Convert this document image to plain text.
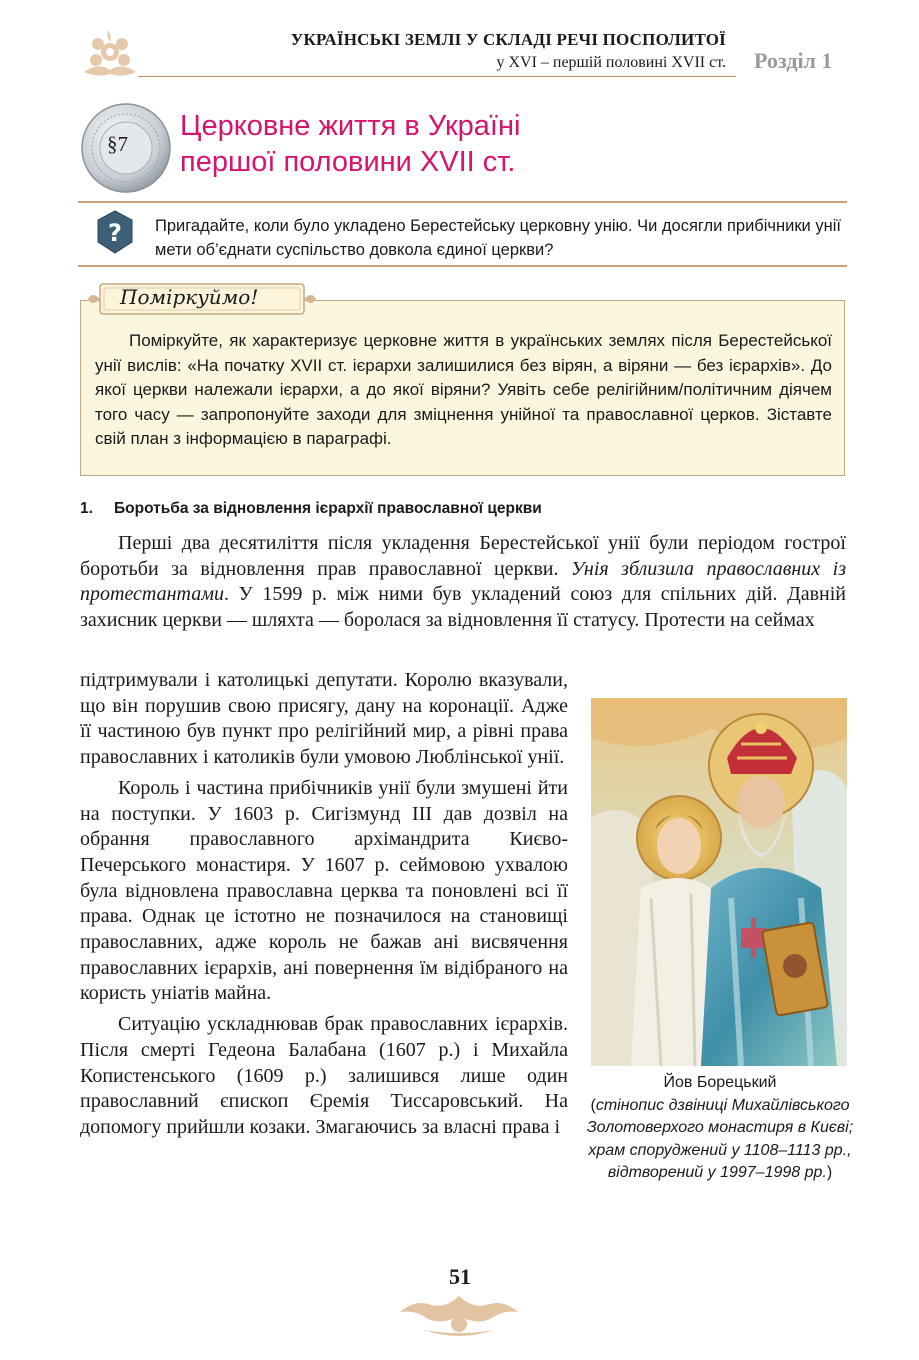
УКРАЇНСЬКІ ЗЕМЛІ У СКЛАДІ РЕЧІ ПОСПОЛИТОЇ
у XVI – першій половині XVII ст. Розділ 1
§7
Церковне життя в Україні
першої половини XVII ст.
? Пригадайте, коли було укладено Берестейську церковну унію. Чи досягли прибічники унії мети об’єднати суспільство довкола єдиної церкви?
Поміркуймо!
Поміркуйте, як характеризує церковне життя в українських землях після Берестейської унії вислів: «На початку XVII ст. ієрархи залишилися без вірян, а віряни — без ієрархів». До якої церкви належали ієрархи, а до якої віряни? Уявіть себе релігійним/політичним діячем того часу — запропонуйте заходи для зміцнення унійної та православної церков. Зіставте свій план з інформацією в параграфі.
1. Боротьба за відновлення ієрархії православної церкви

Перші два десятиліття після укладення Берестейської унії були періодом гострої боротьби за відновлення прав православної церкви. Унія зблизила православних із протестантами. У 1599 р. між ними був укладений союз для спільних дій. Давній захисник церкви — шляхта — боролася за відновлення її статусу. Протести на сеймах

підтримували і католицькі депутати. Королю вказували, що він порушив свою присягу, дану на коронації. Адже її частиною був пункт про релігійний мир, а рівні права православних і католиків були умовою Люблінської унії.

Король і частина прибічників унії були змушені йти на поступки. У 1603 р. Сигізмунд III дав дозвіл на обрання православного архімандрита Києво-Печерського монастиря. У 1607 р. сеймовою ухвалою була відновлена православна церква та поновлені всі її права. Однак це істотно не позначилося на становищі православних, адже король не бажав ані висвячення православних ієрархів, ані повернення їм відібраного на користь уніатів майна.

Ситуацію ускладнював брак православних ієрархів. Після смерті Гедеона Балабана (1607 р.) і Михайла Копистенського (1609 р.) залишився лише один православний єпископ Єремія Тиссаровський. На допомогу прийшли козаки. Змагаючись за власні права і

Йов Борецький
(стінопис дзвіниці Михайлівського Золотоверхого монастиря в Києві; храм споруджений у 1108–1113 рр., відтворений у 1997–1998 рр.)
51
